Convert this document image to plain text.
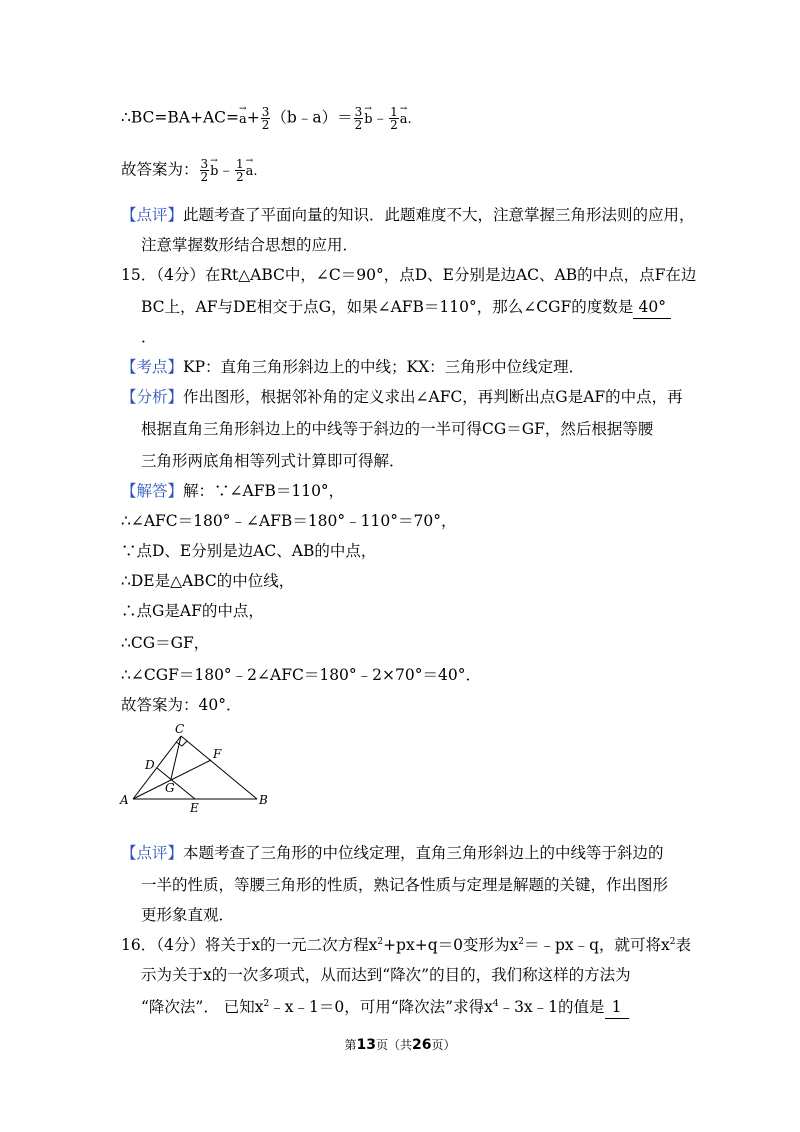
∴BC=BA+AC=→ $a+ \frac{3}{2}$ （b﹣a）＝ $\frac{3}{2}$ → b﹣ $\frac{1}{2} \to a$.
故答案为： $\frac{3}{2}$ → b﹣ $\frac{1}{2} \to a$.
【点评】此题考查了平面向量的知识．此题难度不大，注意掌握三角形法则的应用，
注意掌握数形结合思想的应用．
15．（4分）在Rt△ABC中，∠C＝90°，点D、E分别是边AC、AB的中点，点F在边
BC上，AF与DE相交于点G，如果∠AFB＝110°，那么∠CGF的度数是 40°
．
【考点】KP：直角三角形斜边上的中线；KX：三角形中位线定理．
【分析】作出图形，根据邻补角的定义求出∠AFC，再判断出点G是AF的中点，再
根据直角三角形斜边上的中线等于斜边的一半可得CG＝GF，然后根据等腰
三角形两底角相等列式计算即可得解．
【解答】解：∵∠AFB＝110°，
∴∠AFC＝180°﹣∠AFB＝180°﹣110°＝70°，
∵点D、E分别是边AC、AB的中点，
∴DE是△ABC的中位线，
∴点G是AF的中点，
∴CG＝GF，
∴∠CGF＝180°﹣2∠AFC＝180°﹣2×70°＝40°．
故答案为：40°．
C
F
D
G
A
E
B
【点评】本题考查了三角形的中位线定理，直角三角形斜边上的中线等于斜边的
一半的性质，等腰三角形的性质，熟记各性质与定理是解题的关键，作出图形
更形象直观．
16．（4分）将关于x的一元二次方程$x^2+px+q=0$变形为$x^2=﹣px﹣q$，就可将$x^2$表
示为关于x的一次多项式，从而达到“降次”的目的，我们称这样的方法为
“降次法”． 已知$x^2﹣x﹣1=0$，可用“降次法”求得$x^4﹣3x﹣1$的值是 1
第13页（共26页）
